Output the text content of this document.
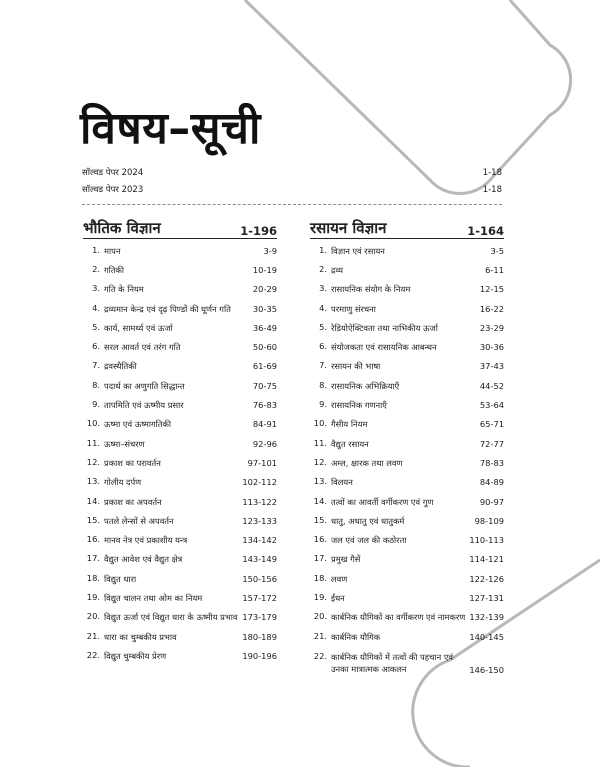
विषय–सूची
सॉल्वड पेपर 2024	1-18
सॉल्वड पेपर 2023	1-18
भौतिक विज्ञान	1-196
1. मापन	3-9
2. गतिकी	10-19
3. गति के नियम	20-29
4. द्रव्यमान केन्द्र एवं दृढ़ पिण्डों की घूर्णन गति	30-35
5. कार्य, सामर्थ्य एवं ऊर्जा	36-49
6. सरल आवर्त एवं तरंग गति	50-60
7. द्रवस्थैतिकी	61-69
8. पदार्थ का अणुगति सिद्धान्त	70-75
9. तापमिति एवं ऊष्मीय प्रसार	76-83
10. ऊष्मा एवं ऊष्मागतिकी	84-91
11. ऊष्मा–संचरण	92-96
12. प्रकाश का परावर्तन	97-101
13. गोलीय दर्पण	102-112
14. प्रकाश का अपवर्तन	113-122
15. पतले लेन्सों से अपवर्तन	123-133
16. मानव नेत्र एवं प्रकाशीय यन्त्र	134-142
17. वैद्युत आवेश एवं वैद्युत क्षेत्र	143-149
18. विद्युत धारा	150-156
19. विद्युत चालन तथा ओम का नियम	157-172
20. विद्युत ऊर्जा एवं विद्युत धारा के ऊष्मीय प्रभाव 173-179
21. धारा का चुम्बकीय प्रभाव	180-189
22. विद्युत चुम्बकीय प्रेरण	190-196
रसायन विज्ञान	1-164
1. विज्ञान एवं रसायन	3-5
2. द्रव्य	6-11
3. रासायनिक संयोग के नियम	12-15
4. परमाणु संरचना	16-22
5. रेडियोऐक्टिवता तथा नाभिकीय ऊर्जा	23-29
6. संयोजकता एवं रासायनिक आबन्धन	30-36
7. रसायन की भाषा	37-43
8. रासायनिक अभिक्रियाएँ	44-52
9. रासायनिक गणनाएँ	53-64
10. गैसीय नियम	65-71
11. वैद्युत रसायन	72-77
12. अम्ल, क्षारक तथा लवण	78-83
13. विलयन	84-89
14. तत्वों का आवर्ती वर्गीकरण एवं गुण	90-97
15. धातु, अधातु एवं धातुकर्म	98-109
16. जल एवं जल की कठोरता	110-113
17. प्रमुख गैसें	114-121
18. लवण	122-126
19. ईंधन	127-131
20. कार्बनिक यौगिकों का वर्गीकरण एवं नामकरण 132-139
21. कार्बनिक यौगिक	140-145
22. कार्बनिक यौगिकों में तत्वों की पहचान एवं
उनका मात्रात्मक आकलन	146-150
